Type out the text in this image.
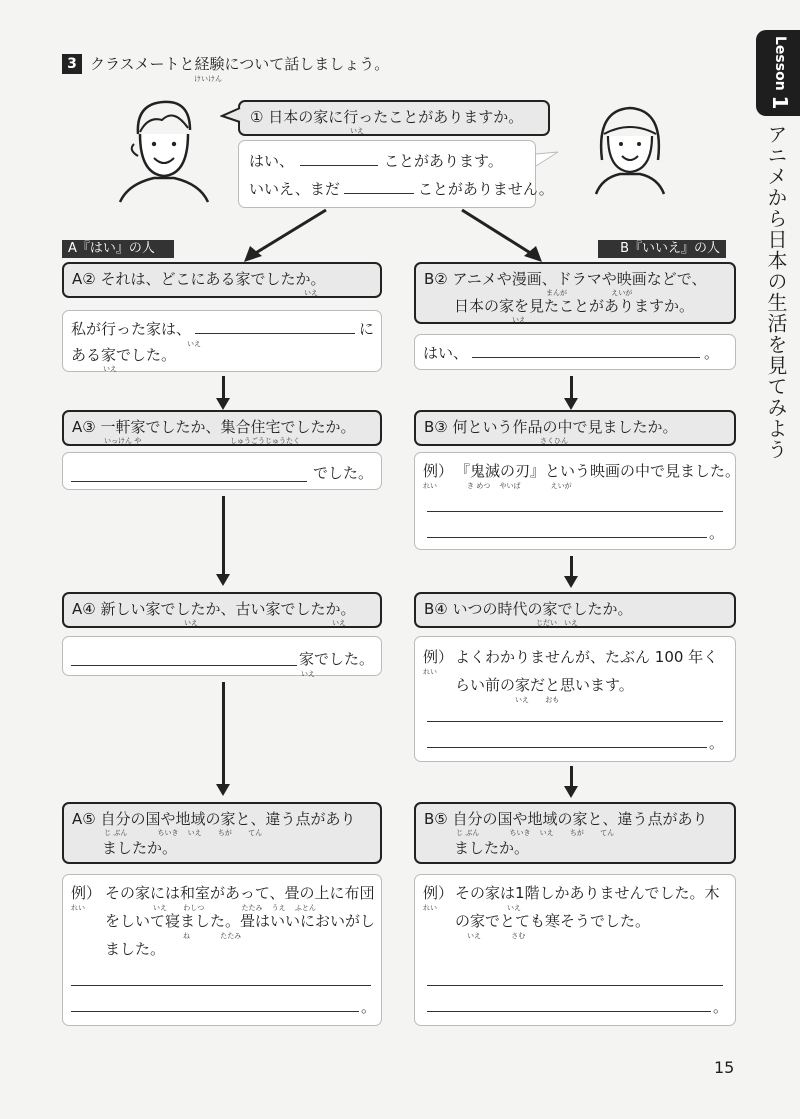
3 クラスメートと経験について話しましょう。
けいけん	Lesson 1
アニメから日本の生活を見てみよう
① 日本の家に行ったことがありますか。
いえ
はい、	ことがあります。
いいえ、まだ	ことがありません。
A『はい』の人	B『いいえ』の人
A② それは、どこにある家でしたか。
いえ
私が行った家は、	に
いえ
ある家でした。
いえ
A③ 一軒家でしたか、集合住宅でしたか。
いっけん や	しゅうごうじゅうたく
でした。
A④ 新しい家でしたか、古い家でしたか。
いえ	いえ
家でした。
いえ
A⑤ 自分の国や地域の家と、違う点があり
じ ぶん　　　　 ちいき　 いえ　　 ちが　　 てん
ましたか。
例）
れい
その家には和室があって、畳の上に布団
いえ　　 わしつ　　　　　 たたみ　 うえ　 ふとん
をしいて寝ました。畳はいいにおいがし
ね　　　　 たたみ
ました。
。
B② アニメや漫画、ドラマや映画などで、
まんが　　　　　　 えいが
日本の家を見たことがありますか。
いえ
はい、	。
B③ 何という作品の中で見ましたか。
さくひん
例）
れい
『鬼滅の刃』という映画の中で見ました。
き めつ　 やいば　　　　 えいが
。
B④ いつの時代の家でしたか。
じだい　いえ
例）
れい
よくわかりませんが、たぶん 100 年く
らい前の家だと思います。
いえ　　 おも
。
B⑤ 自分の国や地域の家と、違う点があり
じ ぶん　　　　 ちいき　 いえ　　 ちが　　 てん
ましたか。
例）
れい
その家は1階しかありませんでした。木
いえ
の家でとても寒そうでした。
いえ　　　　 さむ
。
15
